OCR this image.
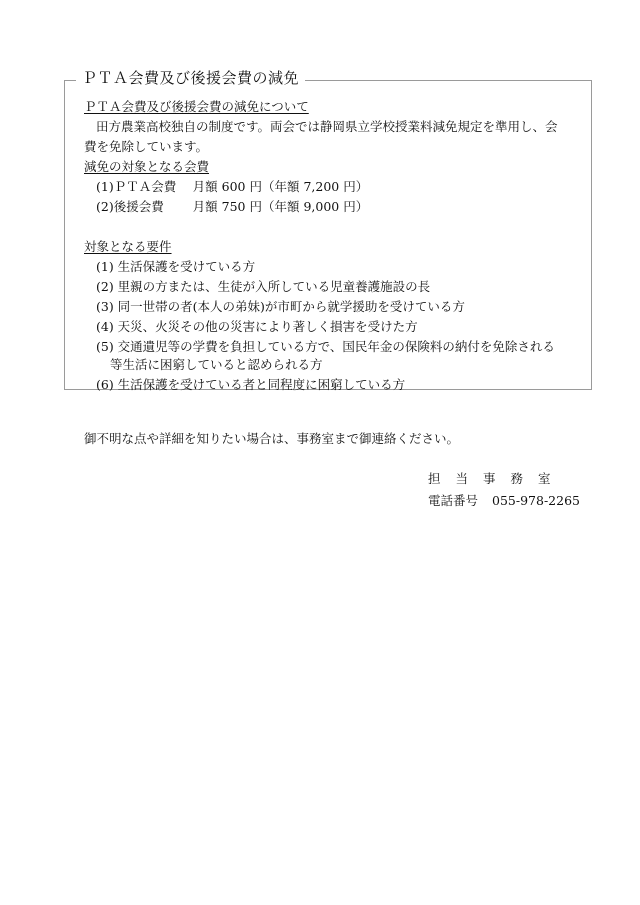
ＰＴＡ会費及び後援会費の減免
ＰＴＡ会費及び後援会費の減免について
田方農業高校独自の制度です。両会では静岡県立学校授業料減免規定を準用し、会
費を免除しています。
減免の対象となる会費
(1)ＰＴＡ会費　 月額 600 円（年額 7,200 円）
(2)後援会費　　 月額 750 円（年額 9,000 円）
対象となる要件
(1) 生活保護を受けている方
(2) 里親の方または、生徒が入所している児童養護施設の長
(3) 同一世帯の者(本人の弟妹)が市町から就学援助を受けている方
(4) 天災、火災その他の災害により著しく損害を受けた方
(5) 交通遺児等の学費を負担している方で、国民年金の保険料の納付を免除される
等生活に困窮していると認められる方
(6) 生活保護を受けている者と同程度に困窮している方
御不明な点や詳細を知りたい場合は、事務室まで御連絡ください。
担当事務室
電話番号 055-978-2265
